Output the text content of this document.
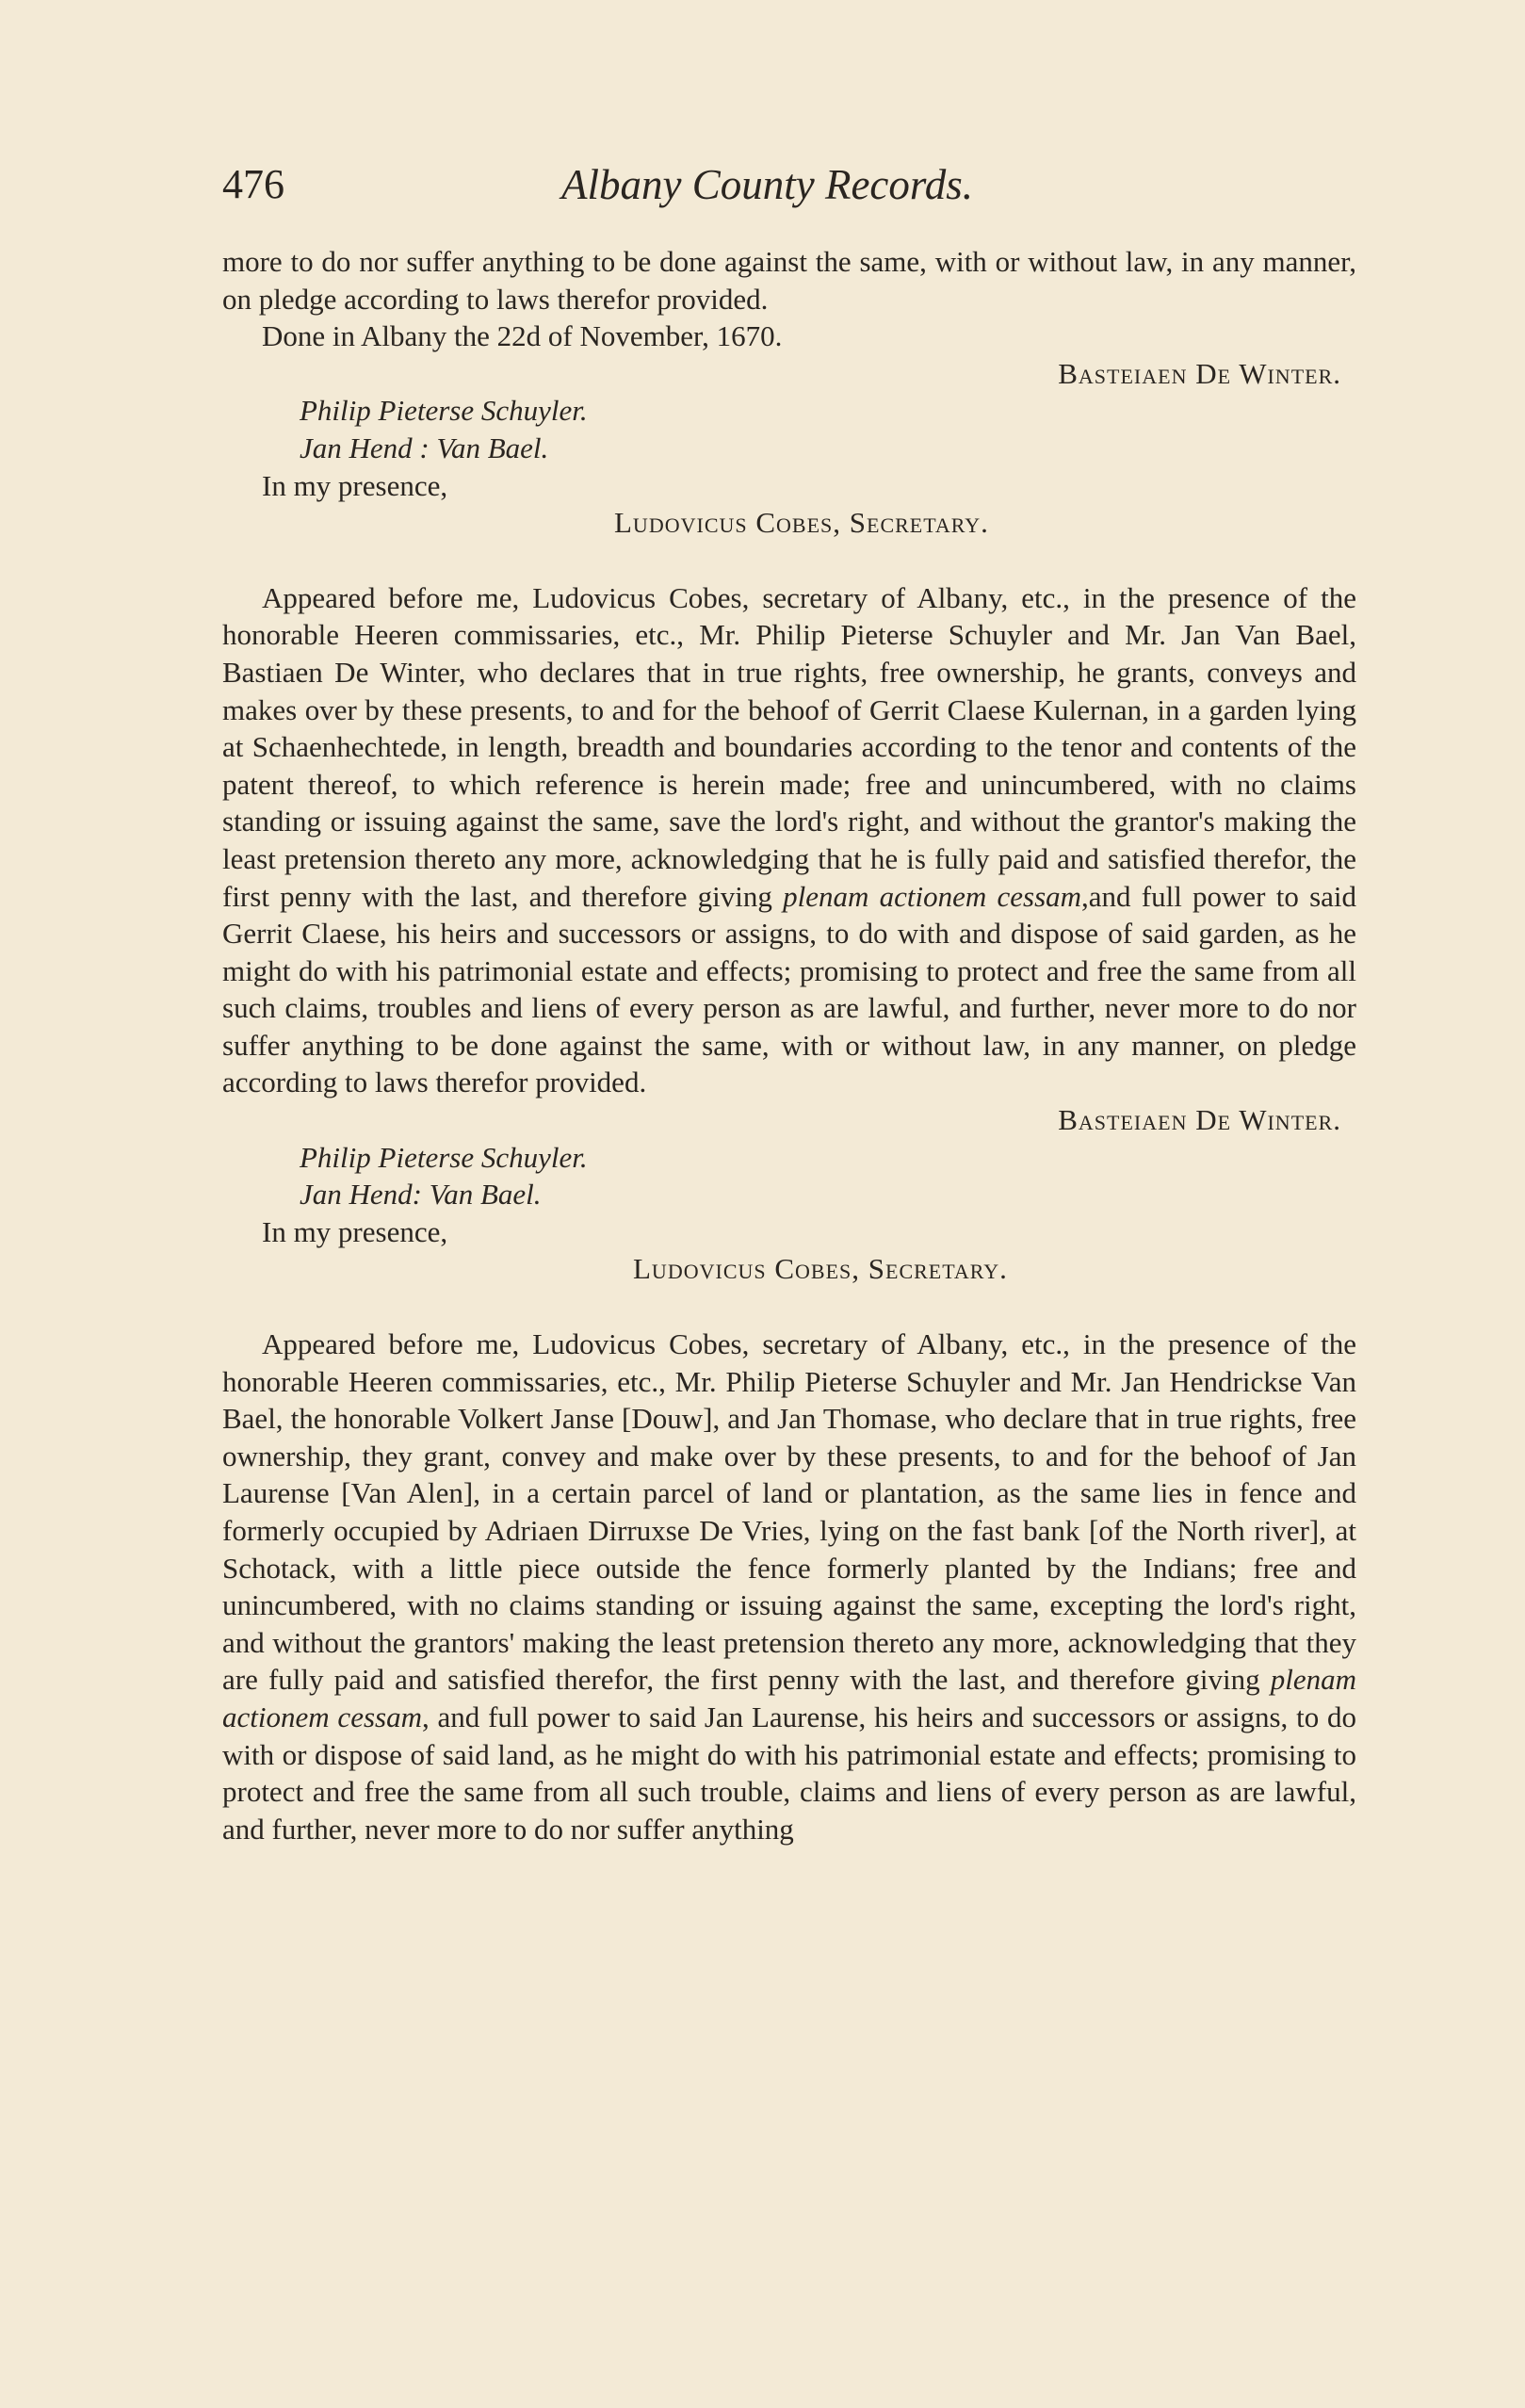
476	Albany County Records.

more to do nor suffer anything to be done against the same, with or without law, in any manner, on pledge according to laws therefor provided.

Done in Albany the 22d of November, 1670.

Basteiaen De Winter.
Philip Pieterse Schuyler.
Jan Hend : Van Bael.
In my presence,
Ludovicus Cobes, Secretary.

Appeared before me, Ludovicus Cobes, secretary of Albany, etc., in the presence of the honorable Heeren commissaries, etc., Mr. Philip Pieterse Schuyler and Mr. Jan Van Bael, Bastiaen De Winter, who declares that in true rights, free ownership, he grants, conveys and makes over by these presents, to and for the behoof of Gerrit Claese Kulernan, in a garden lying at Schaenhechtede, in length, breadth and boundaries according to the tenor and contents of the patent thereof, to which reference is herein made; free and unincumbered, with no claims standing or issuing against the same, save the lord's right, and without the grantor's making the least pretension thereto any more, acknowledging that he is fully paid and satisfied therefor, the first penny with the last, and therefore giving plenam actionem cessam,and full power to said Gerrit Claese, his heirs and successors or assigns, to do with and dispose of said garden, as he might do with his patrimonial estate and effects; promising to protect and free the same from all such claims, troubles and liens of every person as are lawful, and further, never more to do nor suffer anything to be done against the same, with or without law, in any manner, on pledge according to laws therefor provided.

Basteiaen De Winter.
Philip Pieterse Schuyler.
Jan Hend: Van Bael.
In my presence,
Ludovicus Cobes, Secretary.

Appeared before me, Ludovicus Cobes, secretary of Albany, etc., in the presence of the honorable Heeren commissaries, etc., Mr. Philip Pieterse Schuyler and Mr. Jan Hendrickse Van Bael, the honorable Volkert Janse [Douw], and Jan Thomase, who declare that in true rights, free ownership, they grant, convey and make over by these presents, to and for the behoof of Jan Laurense [Van Alen], in a certain parcel of land or plantation, as the same lies in fence and formerly occupied by Adriaen Dirruxse De Vries, lying on the fast bank [of the North river], at Schotack, with a little piece outside the fence formerly planted by the Indians; free and unincumbered, with no claims standing or issuing against the same, excepting the lord's right, and without the grantors' making the least pretension thereto any more, acknowledging that they are fully paid and satisfied therefor, the first penny with the last, and therefore giving plenam actionem cessam, and full power to said Jan Laurense, his heirs and successors or assigns, to do with or dispose of said land, as he might do with his patrimonial estate and effects; promising to protect and free the same from all such trouble, claims and liens of every person as are lawful, and further, never more to do nor suffer anything
